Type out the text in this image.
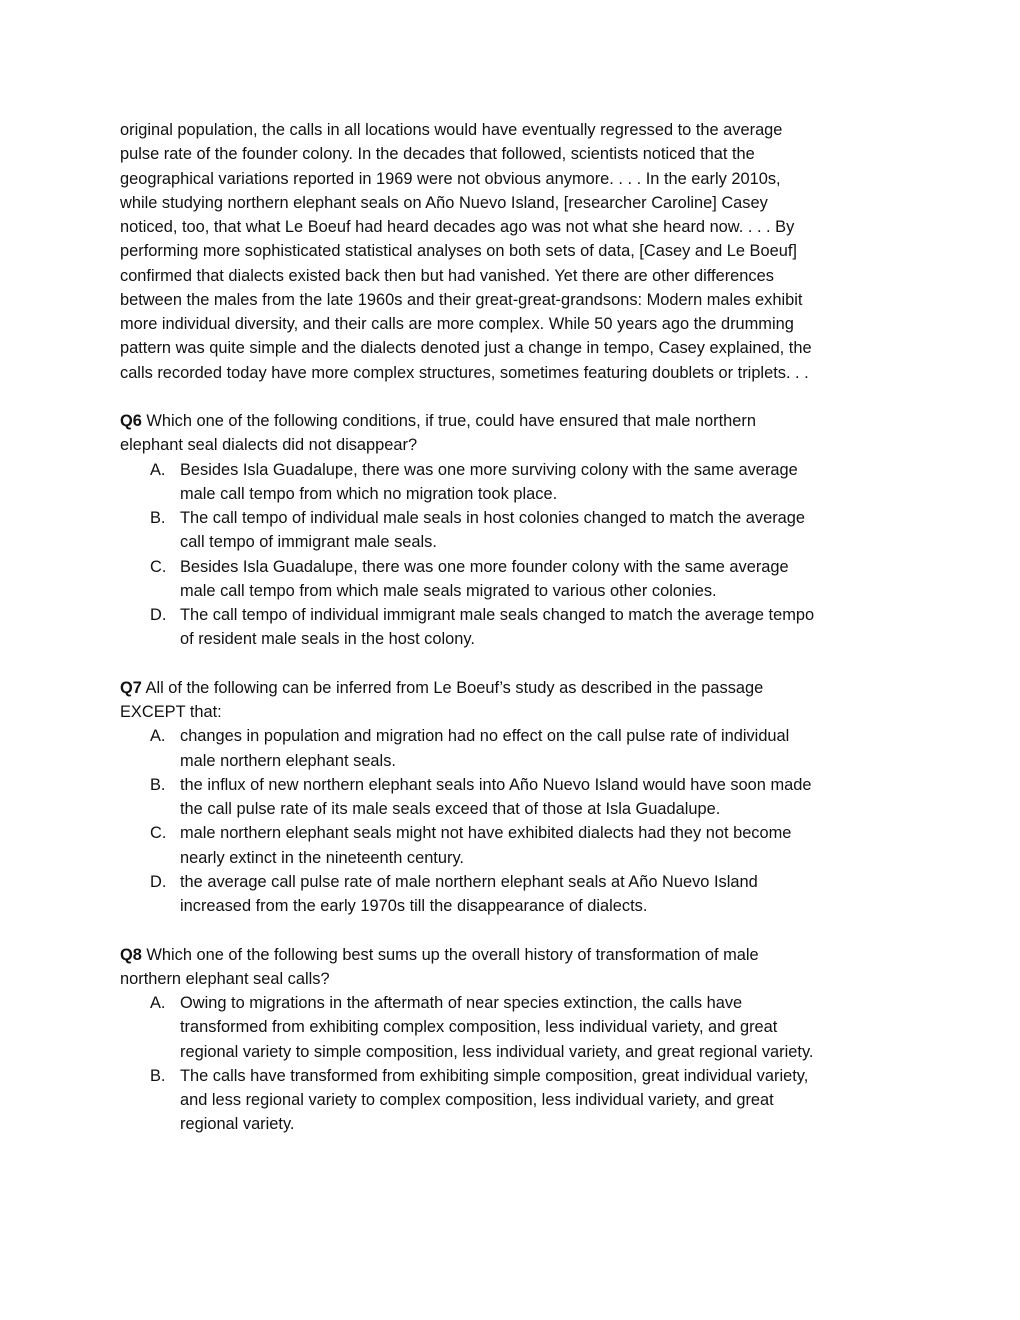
original population, the calls in all locations would have eventually regressed to the average
pulse rate of the founder colony. In the decades that followed, scientists noticed that the
geographical variations reported in 1969 were not obvious anymore. . . . In the early 2010s,
while studying northern elephant seals on Año Nuevo Island, [researcher Caroline] Casey
noticed, too, that what Le Boeuf had heard decades ago was not what she heard now. . . . By
performing more sophisticated statistical analyses on both sets of data, [Casey and Le Boeuf]
confirmed that dialects existed back then but had vanished. Yet there are other differences
between the males from the late 1960s and their great-great-grandsons: Modern males exhibit
more individual diversity, and their calls are more complex. While 50 years ago the drumming
pattern was quite simple and the dialects denoted just a change in tempo, Casey explained, the
calls recorded today have more complex structures, sometimes featuring doublets or triplets. . .
Q6 Which one of the following conditions, if true, could have ensured that male northern
elephant seal dialects did not disappear?
A. Besides Isla Guadalupe, there was one more surviving colony with the same average
male call tempo from which no migration took place.
B. The call tempo of individual male seals in host colonies changed to match the average
call tempo of immigrant male seals.
C. Besides Isla Guadalupe, there was one more founder colony with the same average
male call tempo from which male seals migrated to various other colonies.
D. The call tempo of individual immigrant male seals changed to match the average tempo
of resident male seals in the host colony.
Q7 All of the following can be inferred from Le Boeuf’s study as described in the passage
EXCEPT that:
A. changes in population and migration had no effect on the call pulse rate of individual
male northern elephant seals.
B. the influx of new northern elephant seals into Año Nuevo Island would have soon made
the call pulse rate of its male seals exceed that of those at Isla Guadalupe.
C. male northern elephant seals might not have exhibited dialects had they not become
nearly extinct in the nineteenth century.
D. the average call pulse rate of male northern elephant seals at Año Nuevo Island
increased from the early 1970s till the disappearance of dialects.
Q8 Which one of the following best sums up the overall history of transformation of male
northern elephant seal calls?
A. Owing to migrations in the aftermath of near species extinction, the calls have
transformed from exhibiting complex composition, less individual variety, and great
regional variety to simple composition, less individual variety, and great regional variety.
B. The calls have transformed from exhibiting simple composition, great individual variety,
and less regional variety to complex composition, less individual variety, and great
regional variety.
